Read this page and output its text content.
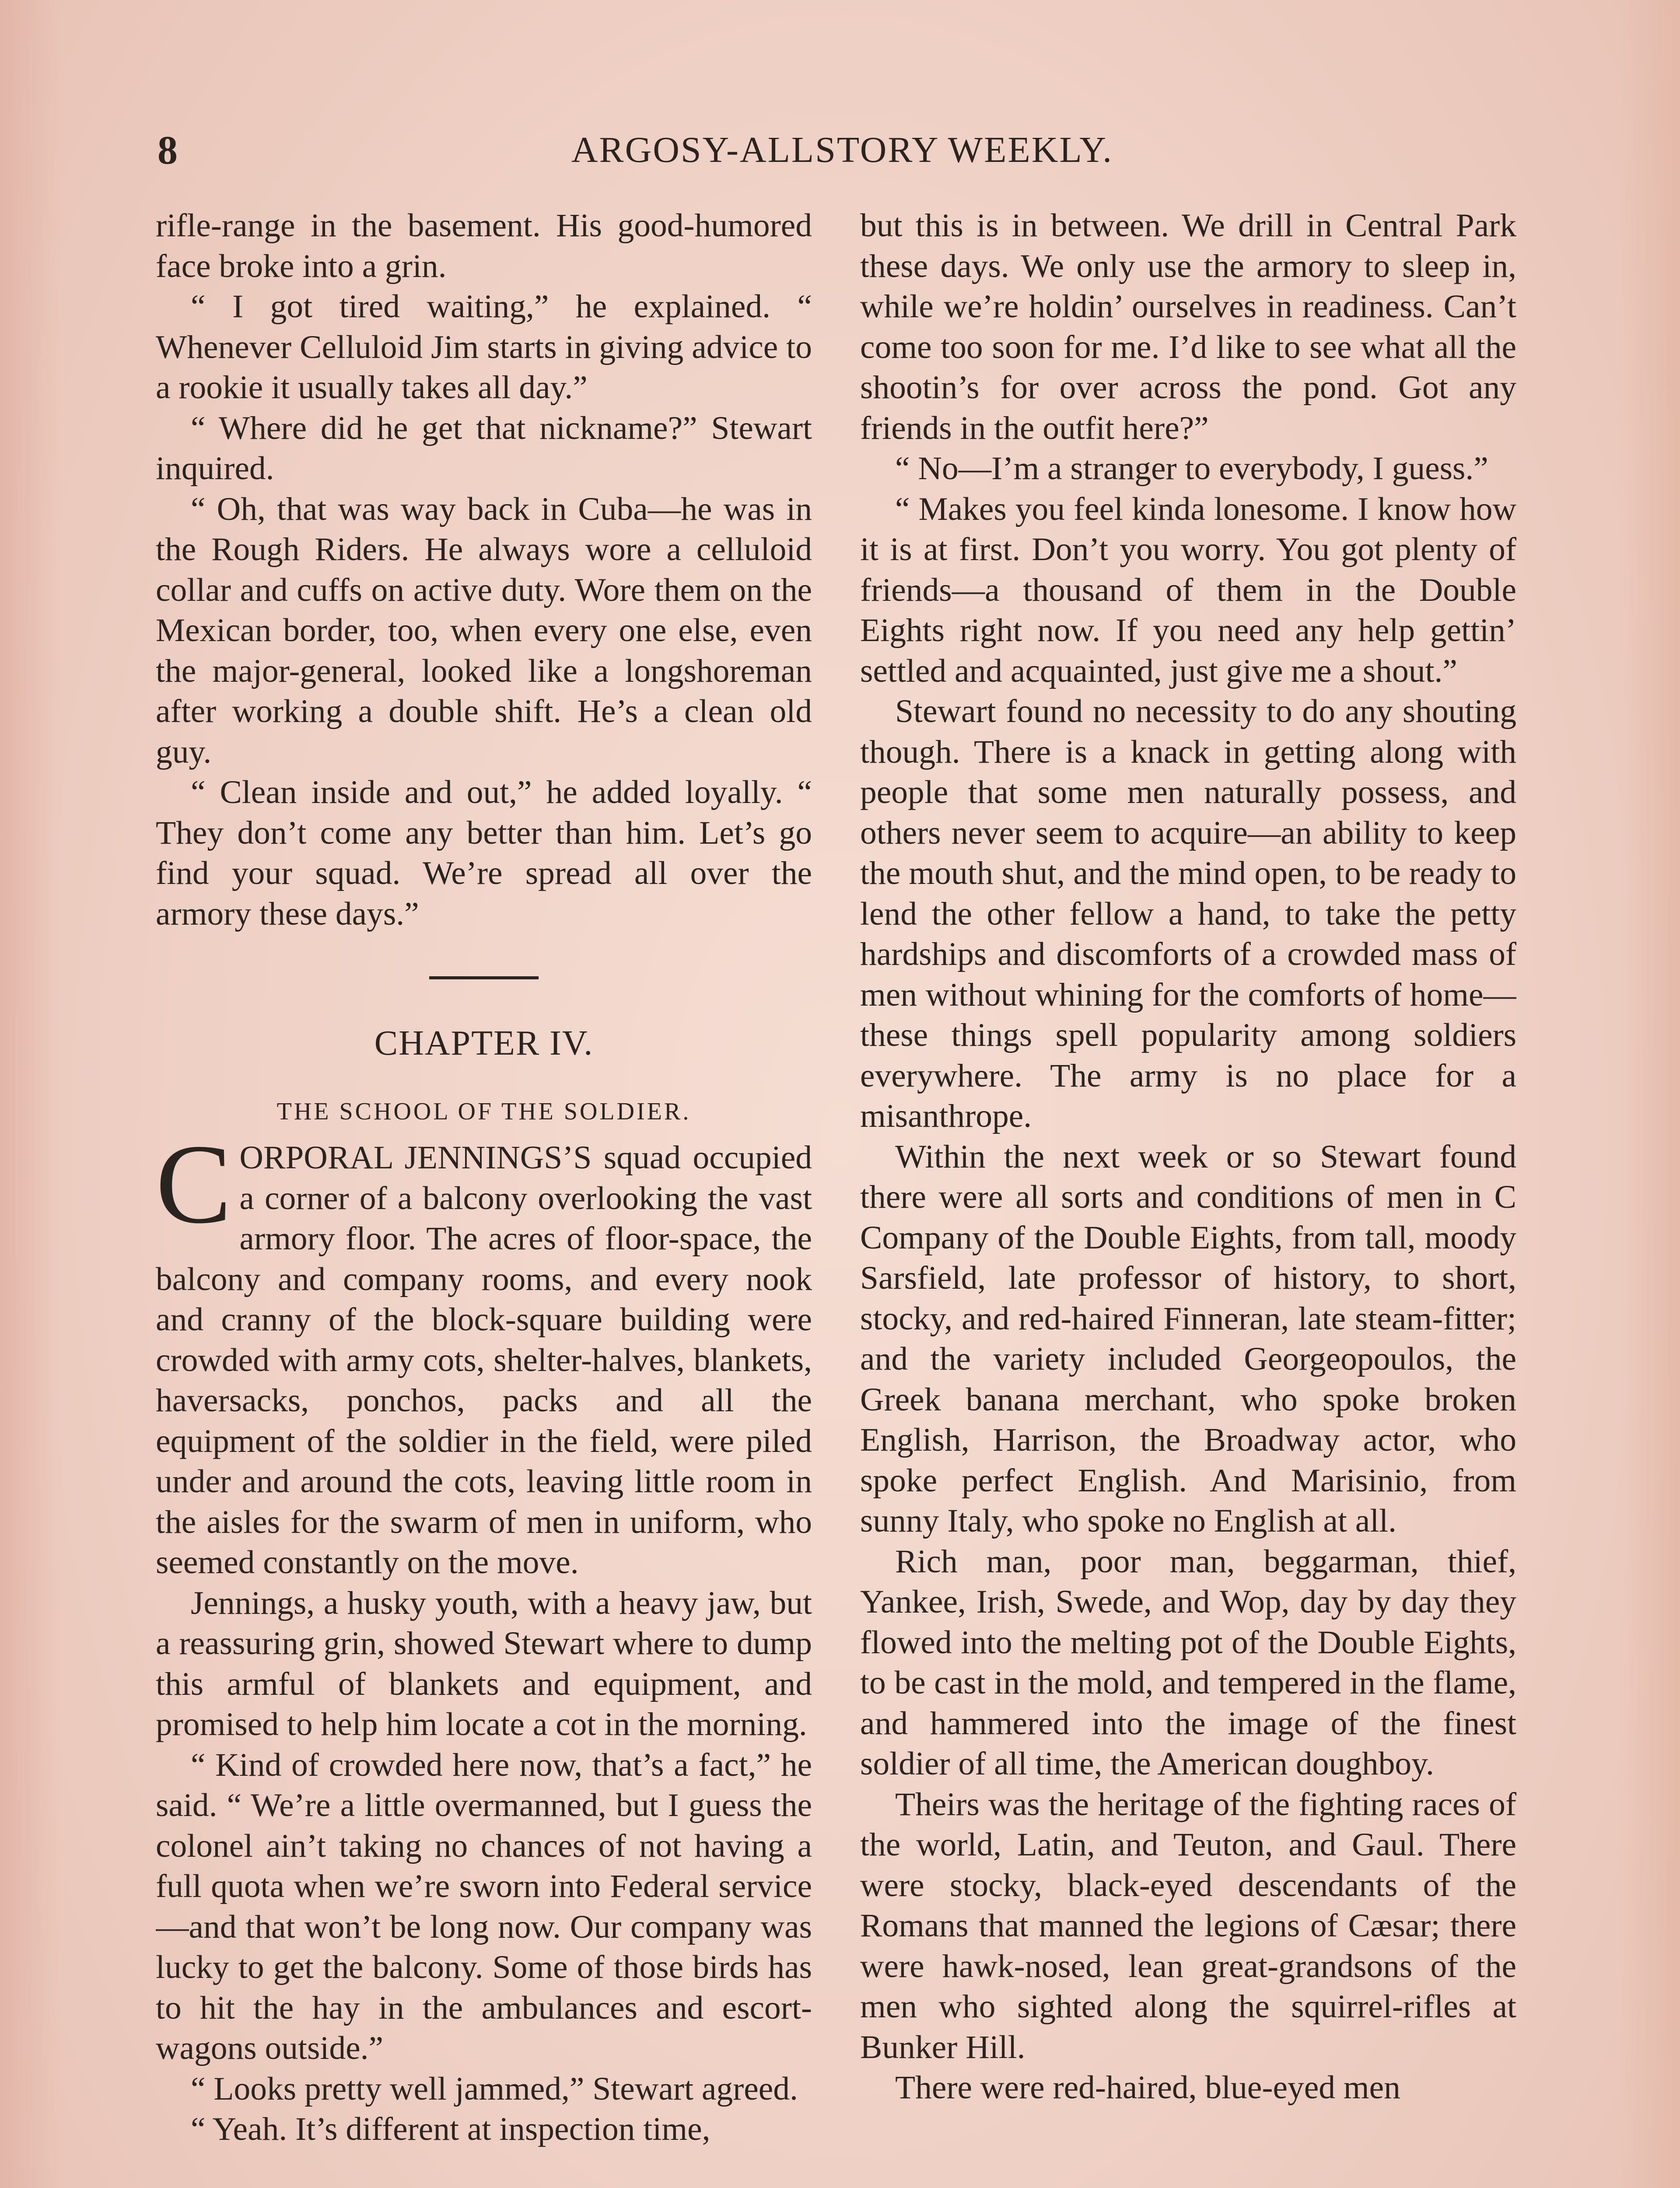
8	ARGOSY-ALLSTORY WEEKLY.

rifle-range in the basement. His good-humored face broke into a grin.

“ I got tired waiting,” he explained. “ Whenever Celluloid Jim starts in giving advice to a rookie it usually takes all day.”

“ Where did he get that nickname?” Stewart inquired.

“ Oh, that was way back in Cuba—he was in the Rough Riders. He always wore a celluloid collar and cuffs on active duty. Wore them on the Mexican border, too, when every one else, even the major-general, looked like a longshoreman after working a double shift. He’s a clean old guy.

“ Clean inside and out,” he added loyally. “ They don’t come any better than him. Let’s go find your squad. We’re spread all over the armory these days.”

CHAPTER IV.
THE SCHOOL OF THE SOLDIER.

CORPORAL JENNINGS’S squad occupied a corner of a balcony overlooking the vast armory floor. The acres of floor-space, the balcony and company rooms, and every nook and cranny of the block-square building were crowded with army cots, shelter-halves, blankets, haversacks, ponchos, packs and all the equipment of the soldier in the field, were piled under and around the cots, leaving little room in the aisles for the swarm of men in uniform, who seemed constantly on the move.

Jennings, a husky youth, with a heavy jaw, but a reassuring grin, showed Stewart where to dump this armful of blankets and equipment, and promised to help him locate a cot in the morning.

“ Kind of crowded here now, that’s a fact,” he said. “ We’re a little overmanned, but I guess the colonel ain’t taking no chances of not having a full quota when we’re sworn into Federal service—and that won’t be long now. Our company was lucky to get the balcony. Some of those birds has to hit the hay in the ambulances and escort-wagons outside.”

“ Looks pretty well jammed,” Stewart agreed.

“ Yeah. It’s different at inspection time,

but this is in between. We drill in Central Park these days. We only use the armory to sleep in, while we’re holdin’ ourselves in readiness. Can’t come too soon for me. I’d like to see what all the shootin’s for over across the pond. Got any friends in the outfit here?”

“ No—I’m a stranger to everybody, I guess.”

“ Makes you feel kinda lonesome. I know how it is at first. Don’t you worry. You got plenty of friends—a thousand of them in the Double Eights right now. If you need any help gettin’ settled and acquainted, just give me a shout.”

Stewart found no necessity to do any shouting though. There is a knack in getting along with people that some men naturally possess, and others never seem to acquire—an ability to keep the mouth shut, and the mind open, to be ready to lend the other fellow a hand, to take the petty hardships and discomforts of a crowded mass of men without whining for the comforts of home—these things spell popularity among soldiers everywhere. The army is no place for a misanthrope.

Within the next week or so Stewart found there were all sorts and conditions of men in C Company of the Double Eights, from tall, moody Sarsfield, late professor of history, to short, stocky, and red-haired Finneran, late steam-fitter; and the variety included Georgeopoulos, the Greek banana merchant, who spoke broken English, Harrison, the Broadway actor, who spoke perfect English. And Marisinio, from sunny Italy, who spoke no English at all.

Rich man, poor man, beggarman, thief, Yankee, Irish, Swede, and Wop, day by day they flowed into the melting pot of the Double Eights, to be cast in the mold, and tempered in the flame, and hammered into the image of the finest soldier of all time, the American doughboy.

Theirs was the heritage of the fighting races of the world, Latin, and Teuton, and Gaul. There were stocky, black-eyed descendants of the Romans that manned the legions of Cæsar; there were hawk-nosed, lean great-grandsons of the men who sighted along the squirrel-rifles at Bunker Hill.

There were red-haired, blue-eyed men
